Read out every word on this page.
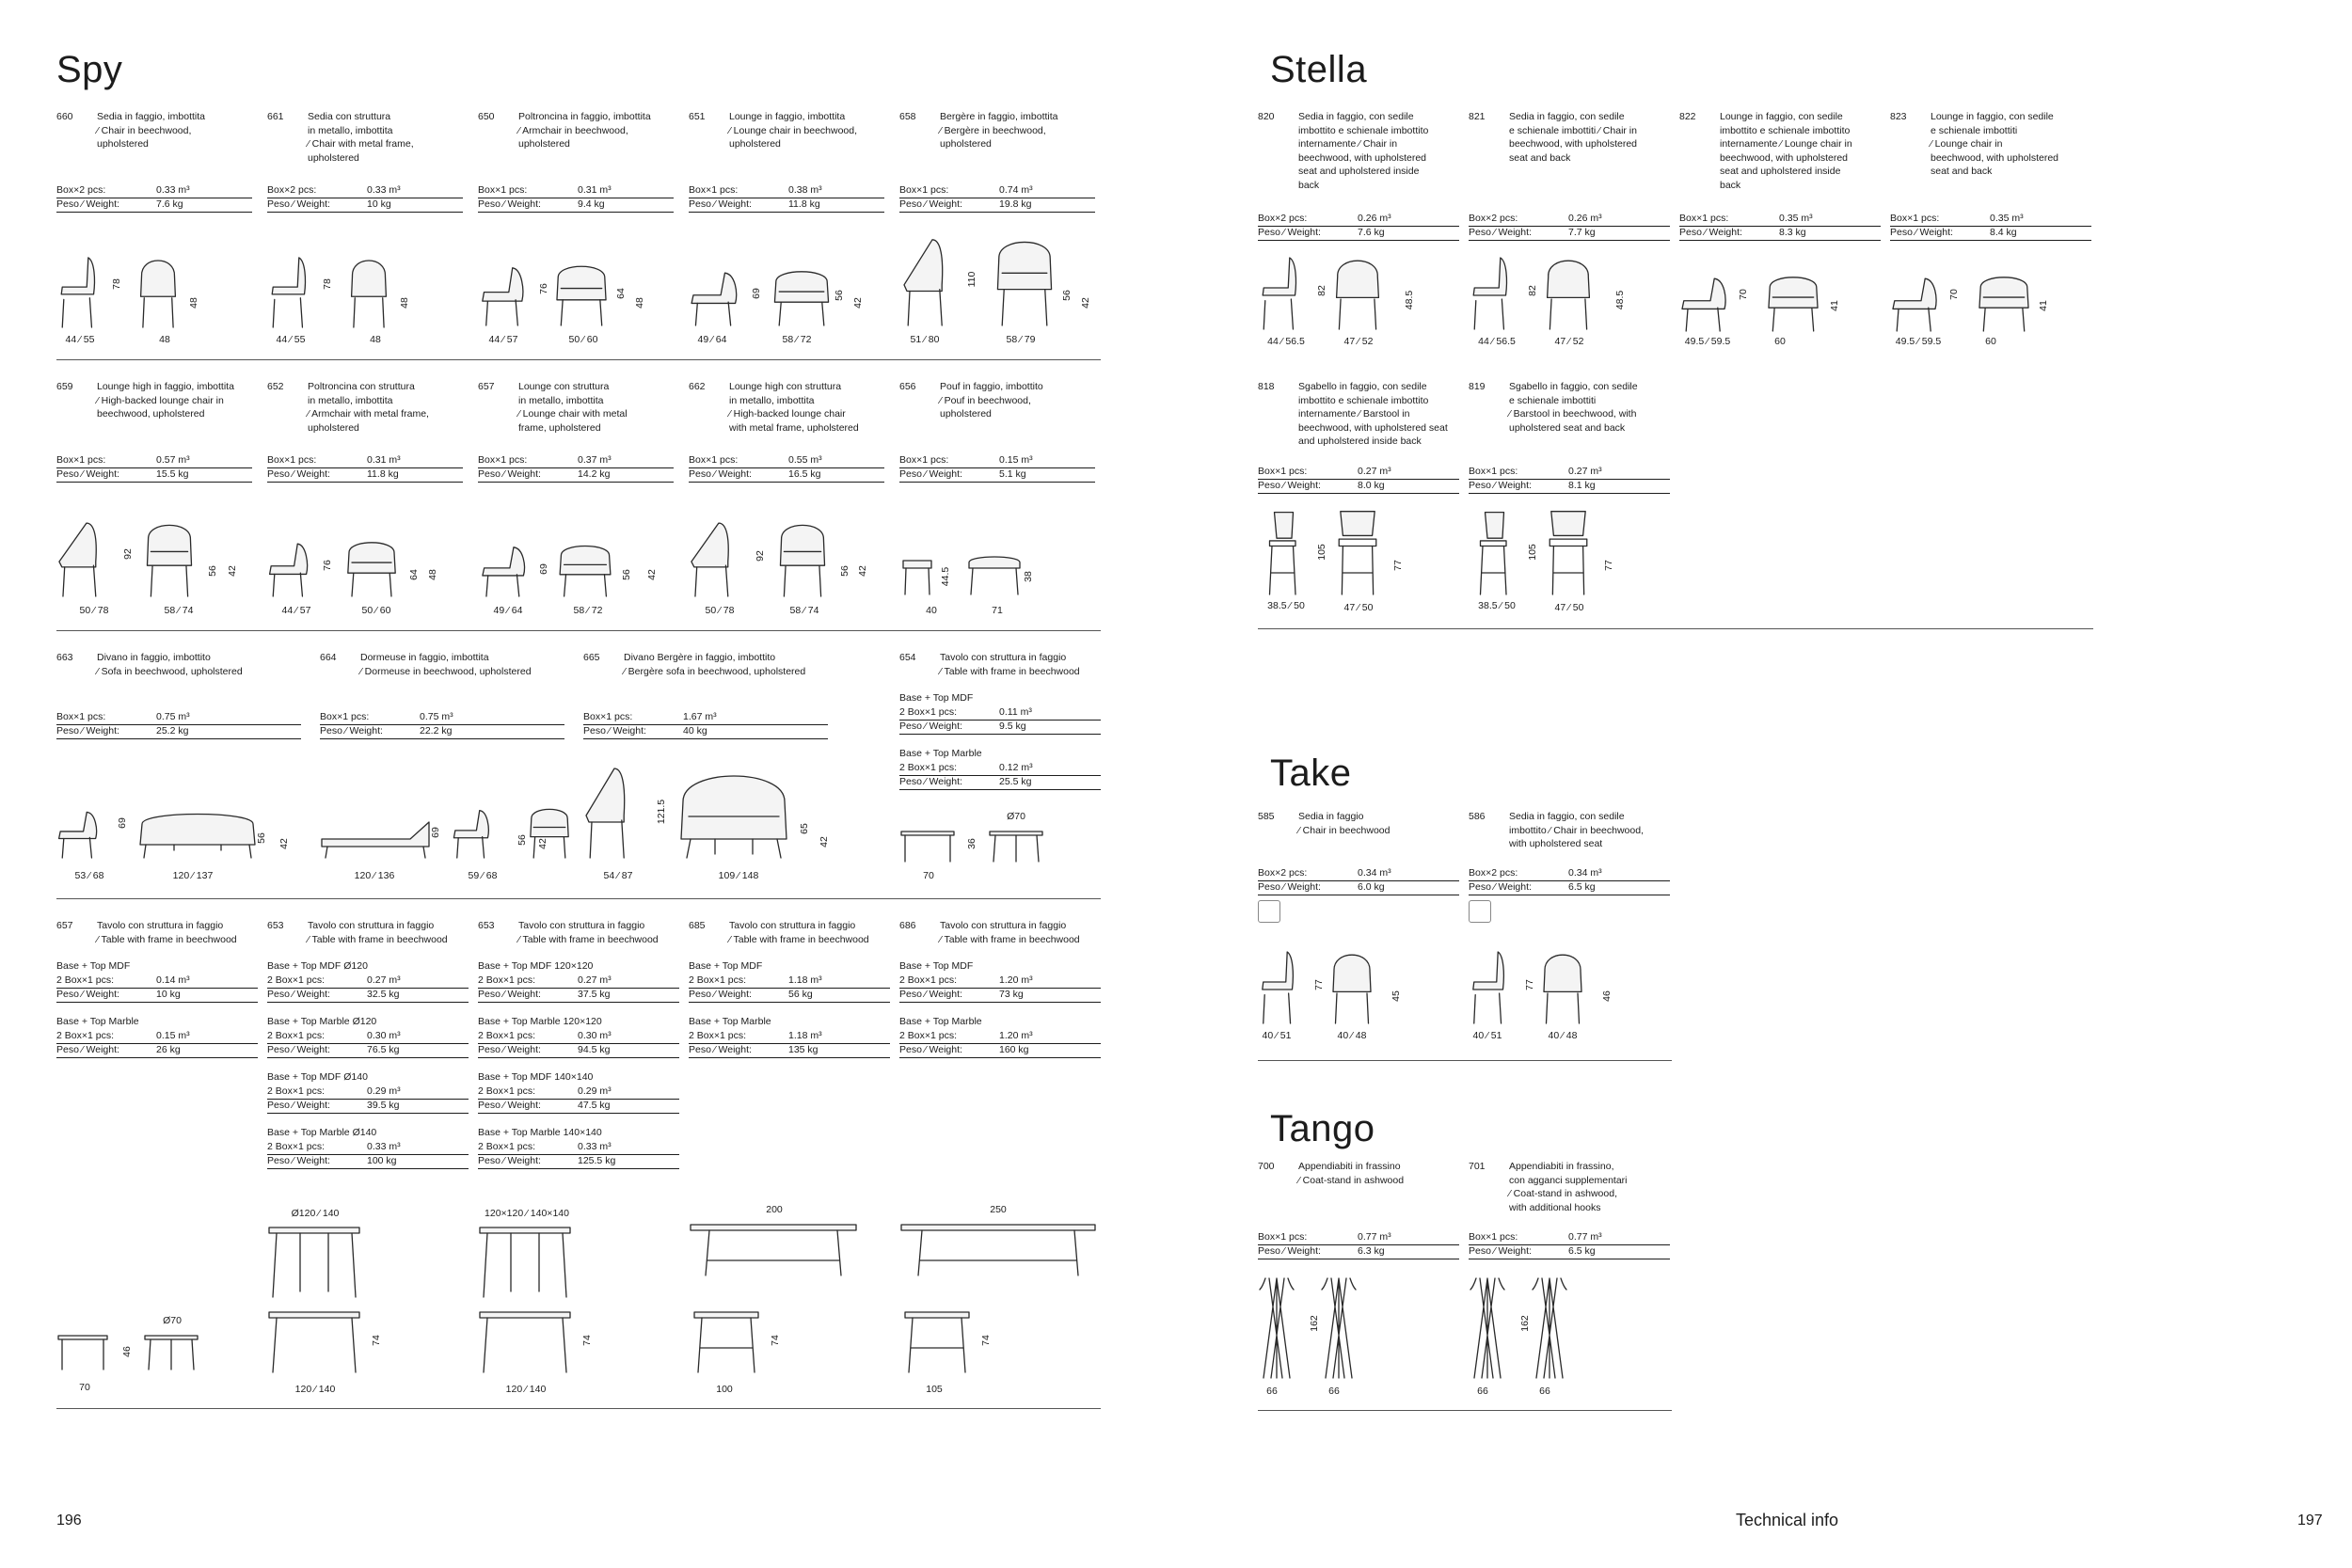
Spy	Stella
Take
Tango
196	Technical info	197
660 Sedia in faggio, imbottita
⁄ Chair in beechwood,
upholstered
Box×2 pcs:	0.33 m³
Peso ⁄ Weight:	7.6 kg
661 Sedia con struttura
in metallo, imbottita
⁄ Chair with metal frame,
upholstered
Box×2 pcs:	0.33 m³
Peso ⁄ Weight:	10 kg
650 Poltroncina in faggio, imbottita
⁄ Armchair in beechwood,
upholstered
Box×1 pcs:	0.31 m³
Peso ⁄ Weight:	9.4 kg
651 Lounge in faggio, imbottita
⁄ Lounge chair in beechwood,
upholstered
Box×1 pcs:	0.38 m³
Peso ⁄ Weight:	11.8 kg
658 Bergère in faggio, imbottita
⁄ Bergère in beechwood,
upholstered
Box×1 pcs:	0.74 m³
Peso ⁄ Weight:	19.8 kg
44 ⁄ 55	48
78
48
44 ⁄ 55	48
78
48
44 ⁄ 57	50 ⁄ 60
76	64
48
49 ⁄ 64	58 ⁄ 72
69	56
42
51 ⁄ 80	58 ⁄ 79
110
56
42
659 Lounge high in faggio, imbottita
⁄ High-backed lounge chair in
beechwood, upholstered
Box×1 pcs:	0.57 m³
Peso ⁄ Weight:	15.5 kg
652 Poltroncina con struttura
in metallo, imbottita
⁄ Armchair with metal frame,
upholstered
Box×1 pcs:	0.31 m³
Peso ⁄ Weight:	11.8 kg
657 Lounge con struttura
in metallo, imbottita
⁄ Lounge chair with metal
frame, upholstered
Box×1 pcs:	0.37 m³
Peso ⁄ Weight:	14.2 kg
662 Lounge high con struttura
in metallo, imbottita
⁄ High-backed lounge chair
with metal frame, upholstered
Box×1 pcs:	0.55 m³
Peso ⁄ Weight:	16.5 kg
656 Pouf in faggio, imbottito
⁄ Pouf in beechwood,
upholstered
Box×1 pcs:	0.15 m³
Peso ⁄ Weight:	5.1 kg
50 ⁄ 78	58 ⁄ 74
92
56 42
44 ⁄ 57	50 ⁄ 60
76
64 48
49 ⁄ 64	58 ⁄ 72
69
56 42
50 ⁄ 78	58 ⁄ 74
92
56 42
40	71
44.5	38
663 Divano in faggio, imbottito
⁄ Sofa in beechwood, upholstered
Box×1 pcs:	0.75 m³
Peso ⁄ Weight:	25.2 kg
664 Dormeuse in faggio, imbottita
⁄ Dormeuse in beechwood, upholstered
Box×1 pcs:	0.75 m³
Peso ⁄ Weight:	22.2 kg
665 Divano Bergère in faggio, imbottito
⁄ Bergère sofa in beechwood, upholstered
Box×1 pcs:	1.67 m³
Peso ⁄ Weight:	40 kg
654 Tavolo con struttura in faggio
⁄ Table with frame in beechwood
Base + Top MDF
2 Box×1 pcs:	0.11 m³
Peso ⁄ Weight:	9.5 kg
Base + Top Marble
2 Box×1 pcs:	0.12 m³
Peso ⁄ Weight:	25.5 kg
53 ⁄ 68	120 ⁄ 137
69
56
42
120 ⁄ 136	59 ⁄ 68
69
56 42
54 ⁄ 87	109 ⁄ 148
121.5
65
42
70
Ø70
36
657 Tavolo con struttura in faggio
⁄ Table with frame in beechwood
Base + Top MDF
2 Box×1 pcs:	0.14 m³
Peso ⁄ Weight:	10 kg
Base + Top Marble
2 Box×1 pcs:	0.15 m³
Peso ⁄ Weight:	26 kg
653 Tavolo con struttura in faggio
⁄ Table with frame in beechwood
Base + Top MDF Ø120
2 Box×1 pcs:	0.27 m³
Peso ⁄ Weight:	32.5 kg
Base + Top Marble Ø120
2 Box×1 pcs:	0.30 m³
Peso ⁄ Weight:	76.5 kg
Base + Top MDF Ø140
2 Box×1 pcs:	0.29 m³
Peso ⁄ Weight:	39.5 kg
Base + Top Marble Ø140
2 Box×1 pcs:	0.33 m³
Peso ⁄ Weight:	100 kg
653 Tavolo con struttura in faggio
⁄ Table with frame in beechwood
Base + Top MDF 120×120
2 Box×1 pcs:	0.27 m³
Peso ⁄ Weight:	37.5 kg
Base + Top Marble 120×120
2 Box×1 pcs:	0.30 m³
Peso ⁄ Weight:	94.5 kg
Base + Top MDF 140×140
2 Box×1 pcs:	0.29 m³
Peso ⁄ Weight:	47.5 kg
Base + Top Marble 140×140
2 Box×1 pcs:	0.33 m³
Peso ⁄ Weight:	125.5 kg
685 Tavolo con struttura in faggio
⁄ Table with frame in beechwood
Base + Top MDF
2 Box×1 pcs:	1.18 m³
Peso ⁄ Weight:	56 kg
Base + Top Marble
2 Box×1 pcs:	1.18 m³
Peso ⁄ Weight:	135 kg
686 Tavolo con struttura in faggio
⁄ Table with frame in beechwood
Base + Top MDF
2 Box×1 pcs:	1.20 m³
Peso ⁄ Weight:	73 kg
Base + Top Marble
2 Box×1 pcs:	1.20 m³
Peso ⁄ Weight:	160 kg
Ø70
70
46
Ø120 ⁄ 140
120 ⁄ 140
74
120×120 ⁄ 140×140
120 ⁄ 140
74
200
100
74
250
105
74
820 Sedia in faggio, con sedile
imbottito e schienale imbottito
internamente ⁄ Chair in
beechwood, with upholstered
seat and upholstered inside
back
Box×2 pcs:	0.26 m³
Peso ⁄ Weight:	7.6 kg
821 Sedia in faggio, con sedile
e schienale imbottiti ⁄ Chair in
beechwood, with upholstered
seat and back
Box×2 pcs:	0.26 m³
Peso ⁄ Weight:	7.7 kg
822 Lounge in faggio, con sedile
imbottito e schienale imbottito
internamente ⁄ Lounge chair in
beechwood, with upholstered
seat and upholstered inside
back
Box×1 pcs:	0.35 m³
Peso ⁄ Weight:	8.3 kg
823 Lounge in faggio, con sedile
e schienale imbottiti
⁄ Lounge chair in
beechwood, with upholstered
seat and back
Box×1 pcs:	0.35 m³
Peso ⁄ Weight:	8.4 kg
44 ⁄ 56.5	47 ⁄ 52
82	48.5
44 ⁄ 56.5	47 ⁄ 52
82	48.5
49.5 ⁄ 59.5	60
70
41
49.5 ⁄ 59.5	60
70
41
818 Sgabello in faggio, con sedile
imbottito e schienale imbottito
internamente ⁄ Barstool in
beechwood, with upholstered seat
and upholstered inside back
Box×1 pcs:	0.27 m³
Peso ⁄ Weight:	8.0 kg
819 Sgabello in faggio, con sedile
e schienale imbottiti
⁄ Barstool in beechwood, with
upholstered seat and back
Box×1 pcs:	0.27 m³
Peso ⁄ Weight:	8.1 kg
38.5 ⁄ 50	47 ⁄ 50
105
77
38.5 ⁄ 50	47 ⁄ 50
105
77
585 Sedia in faggio
⁄ Chair in beechwood
Box×2 pcs:	0.34 m³
Peso ⁄ Weight:	6.0 kg
40 ⁄ 51	40 ⁄ 48
77
45
586 Sedia in faggio, con sedile
imbottito ⁄ Chair in beechwood,
with upholstered seat
Box×2 pcs:	0.34 m³
Peso ⁄ Weight:	6.5 kg
40 ⁄ 51	40 ⁄ 48
77
46
700 Appendiabiti in frassino
⁄ Coat-stand in ashwood
Box×1 pcs:	0.77 m³
Peso ⁄ Weight:	6.3 kg
66	66
162
701 Appendiabiti in frassino,
con agganci supplementari
⁄ Coat-stand in ashwood,
with additional hooks
Box×1 pcs:	0.77 m³
Peso ⁄ Weight:	6.5 kg
66	66
162
